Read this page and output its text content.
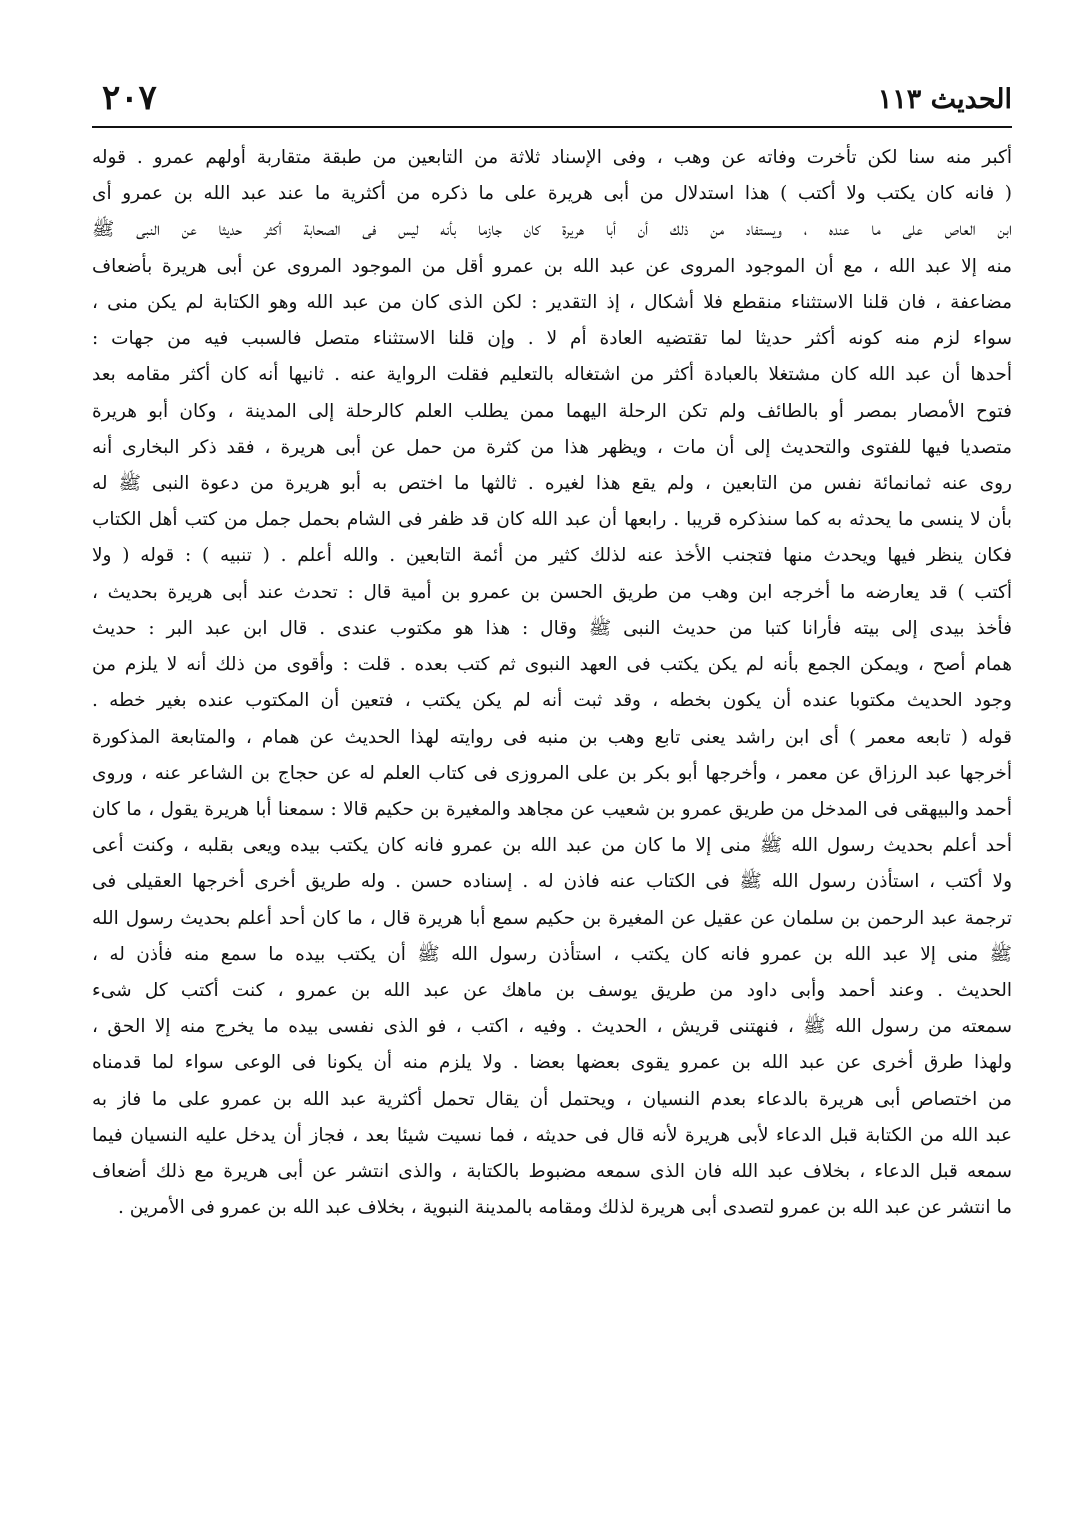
الحديث ١١٣
٢٠٧
أكبر منه سنا لكن تأخرت وفاته عن وهب ، وفى الإسناد ثلاثة من التابعين من طبقة متقاربة أولهم عمرو . قوله
( فانه كان يكتب ولا أكتب ) هذا استدلال من أبى هريرة على ما ذكره من أكثرية ما عند عبد الله بن عمرو أى
ابن العاص على ما عنده ، ويستفاد من ذلك أن أبا هريرة كان جازما بأنه ليس فى الصحابة أكثر حديثا عن النبى ﷺ
منه إلا عبد الله ، مع أن الموجود المروى عن عبد الله بن عمرو أقل من الموجود المروى عن أبى هريرة بأضعاف
مضاعفة ، فان قلنا الاستثناء منقطع فلا أشكال ، إذ التقدير : لكن الذى كان من عبد الله وهو الكتابة لم يكن منى ،
سواء لزم منه كونه أكثر حديثا لما تقتضيه العادة أم لا . وإن قلنا الاستثناء متصل فالسبب فيه من جهات :
أحدها أن عبد الله كان مشتغلا بالعبادة أكثر من اشتغاله بالتعليم فقلت الرواية عنه . ثانيها أنه كان أكثر مقامه بعد
فتوح الأمصار بمصر أو بالطائف ولم تكن الرحلة اليهما ممن يطلب العلم كالرحلة إلى المدينة ، وكان أبو هريرة
متصديا فيها للفتوى والتحديث إلى أن مات ، ويظهر هذا من كثرة من حمل عن أبى هريرة ، فقد ذكر البخارى أنه
روى عنه ثمانمائة نفس من التابعين ، ولم يقع هذا لغيره . ثالثها ما اختص به أبو هريرة من دعوة النبى ﷺ له
بأن لا ينسى ما يحدثه به كما سنذكره قريبا . رابعها أن عبد الله كان قد ظفر فى الشام بحمل جمل من كتب أهل الكتاب
فكان ينظر فيها ويحدث منها فتجنب الأخذ عنه لذلك كثير من أئمة التابعين . والله أعلم . ( تنبيه ) : قوله ( ولا
أكتب ) قد يعارضه ما أخرجه ابن وهب من طريق الحسن بن عمرو بن أمية قال : تحدث عند أبى هريرة بحديث ،
فأخذ بيدى إلى بيته فأرانا كتبا من حديث النبى ﷺ وقال : هذا هو مكتوب عندى . قال ابن عبد البر : حديث
همام أصح ، ويمكن الجمع بأنه لم يكن يكتب فى العهد النبوى ثم كتب بعده . قلت : وأقوى من ذلك أنه لا يلزم من
وجود الحديث مكتوبا عنده أن يكون بخطه ، وقد ثبت أنه لم يكن يكتب ، فتعين أن المكتوب عنده بغير خطه .
قوله ( تابعه معمر ) أى ابن راشد يعنى تابع وهب بن منبه فى روايته لهذا الحديث عن همام ، والمتابعة المذكورة
أخرجها عبد الرزاق عن معمر ، وأخرجها أبو بكر بن على المروزى فى كتاب العلم له عن حجاج بن الشاعر عنه ، وروى
أحمد والبيهقى فى المدخل من طريق عمرو بن شعيب عن مجاهد والمغيرة بن حكيم قالا : سمعنا أبا هريرة يقول ، ما كان
أحد أعلم بحديث رسول الله ﷺ منى إلا ما كان من عبد الله بن عمرو فانه كان يكتب بيده ويعى بقلبه ، وكنت أعى
ولا أكتب ، استأذن رسول الله ﷺ فى الكتاب عنه فاذن له . إسناده حسن . وله طريق أخرى أخرجها العقيلى فى
ترجمة عبد الرحمن بن سلمان عن عقيل عن المغيرة بن حكيم سمع أبا هريرة قال ، ما كان أحد أعلم بحديث رسول الله
ﷺ منى إلا عبد الله بن عمرو فانه كان يكتب ، استأذن رسول الله ﷺ أن يكتب بيده ما سمع منه فأذن له ،
الحديث . وعند أحمد وأبى داود من طريق يوسف بن ماهك عن عبد الله بن عمرو ، كنت أكتب كل شىء
سمعته من رسول الله ﷺ ، فنهتنى قريش ، الحديث . وفيه ، اكتب ، فو الذى نفسى بيده ما يخرج منه إلا الحق ،
ولهذا طرق أخرى عن عبد الله بن عمرو يقوى بعضها بعضا . ولا يلزم منه أن يكونا فى الوعى سواء لما قدمناه
من اختصاص أبى هريرة بالدعاء بعدم النسيان ، ويحتمل أن يقال تحمل أكثرية عبد الله بن عمرو على ما فاز به
عبد الله من الكتابة قبل الدعاء لأبى هريرة لأنه قال فى حديثه ، فما نسيت شيئا بعد ، فجاز أن يدخل عليه النسيان فيما
سمعه قبل الدعاء ، بخلاف عبد الله فان الذى سمعه مضبوط بالكتابة ، والذى انتشر عن أبى هريرة مع ذلك أضعاف
ما انتشر عن عبد الله بن عمرو لتصدى أبى هريرة لذلك ومقامه بالمدينة النبوية ، بخلاف عبد الله بن عمرو فى الأمرين .
